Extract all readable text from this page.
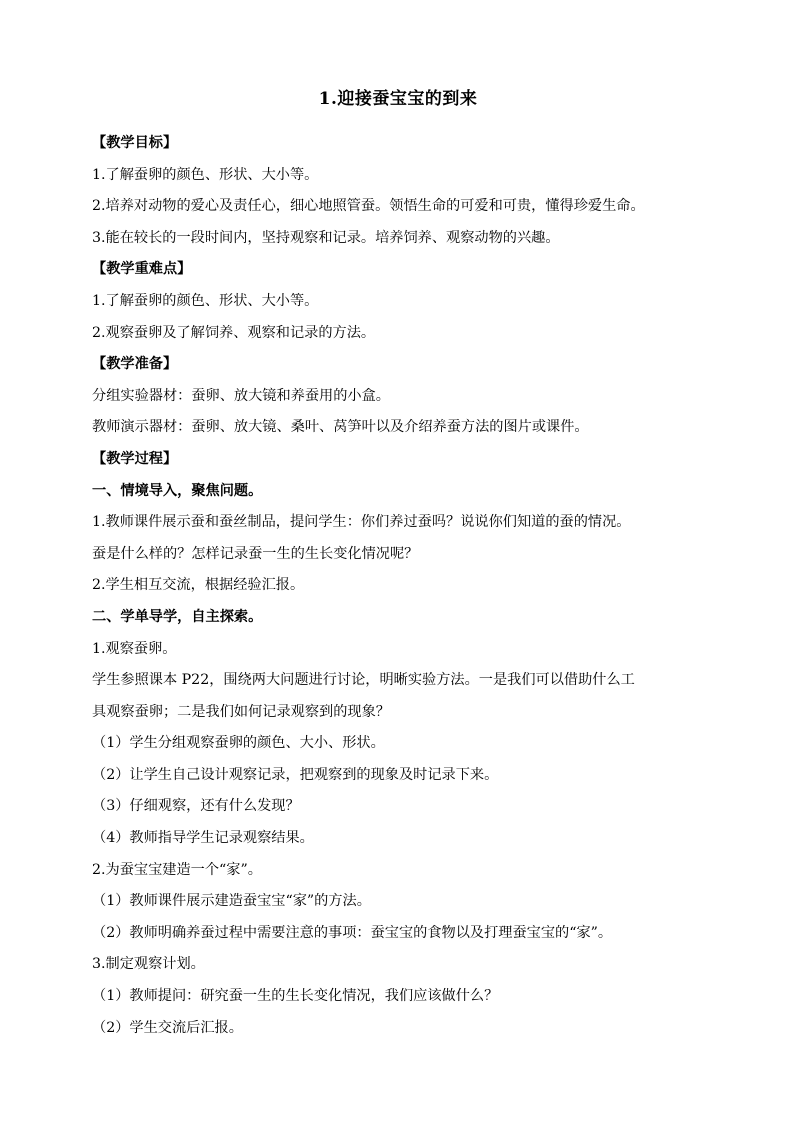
1.迎接蚕宝宝的到来

【教学目标】

1.了解蚕卵的颜色、形状、大小等。

2.培养对动物的爱心及责任心，细心地照管蚕。领悟生命的可爱和可贵，懂得珍爱生命。

3.能在较长的一段时间内，坚持观察和记录。培养饲养、观察动物的兴趣。

【教学重难点】

1.了解蚕卵的颜色、形状、大小等。

2.观察蚕卵及了解饲养、观察和记录的方法。

【教学准备】

分组实验器材：蚕卵、放大镜和养蚕用的小盒。

教师演示器材：蚕卵、放大镜、桑叶、莴笋叶以及介绍养蚕方法的图片或课件。

【教学过程】

一、情境导入，聚焦问题。

1.教师课件展示蚕和蚕丝制品，提问学生：你们养过蚕吗？说说你们知道的蚕的情况。

蚕是什么样的？怎样记录蚕一生的生长变化情况呢？

2.学生相互交流，根据经验汇报。

二、学单导学，自主探索。

1.观察蚕卵。

学生参照课本 P22，围绕两大问题进行讨论，明晰实验方法。一是我们可以借助什么工

具观察蚕卵；二是我们如何记录观察到的现象？

（1）学生分组观察蚕卵的颜色、大小、形状。

（2）让学生自己设计观察记录，把观察到的现象及时记录下来。

（3）仔细观察，还有什么发现？

（4）教师指导学生记录观察结果。

2.为蚕宝宝建造一个“家”。

（1）教师课件展示建造蚕宝宝“家”的方法。

（2）教师明确养蚕过程中需要注意的事项：蚕宝宝的食物以及打理蚕宝宝的“家”。

3.制定观察计划。

（1）教师提问：研究蚕一生的生长变化情况，我们应该做什么？

（2）学生交流后汇报。
